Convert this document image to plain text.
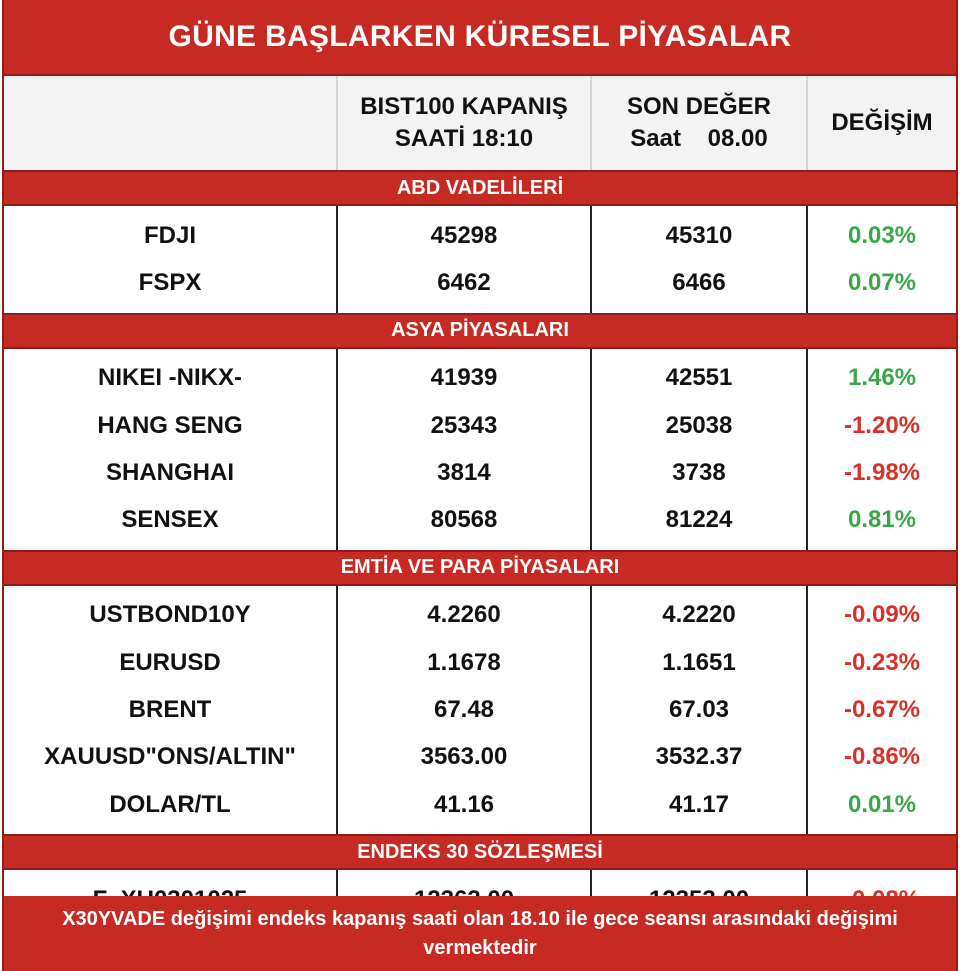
GÜNE BAŞLARKEN KÜRESEL PİYASALAR
BIST100 KAPANIŞ
SAATİ 18:10
SON DEĞER
Saat    08.00
DEĞİŞİM
ABD VADELİLERİ
FDJI
FSPX
45298
6462
45310
6466
0.03%
0.07%
ASYA PİYASALARI
NIKEI -NIKX-
HANG SENG
SHANGHAI
SENSEX
41939
25343
3814
80568
42551
25038
3738
81224
1.46%
-1.20%
-1.98%
0.81%
EMTİA VE PARA PİYASALARI
USTBOND10Y
EURUSD
BRENT
XAUUSD"ONS/ALTIN"
DOLAR/TL
4.2260
1.1678
67.48
3563.00
41.16
4.2220
1.1651
67.03
3532.37
41.17
-0.09%
-0.23%
-0.67%
-0.86%
0.01%
ENDEKS 30 SÖZLEŞMESİ
X30YVADE değişimi endeks kapanış saati olan 18.10 ile gece seansı arasındaki değişimi vermektedir
